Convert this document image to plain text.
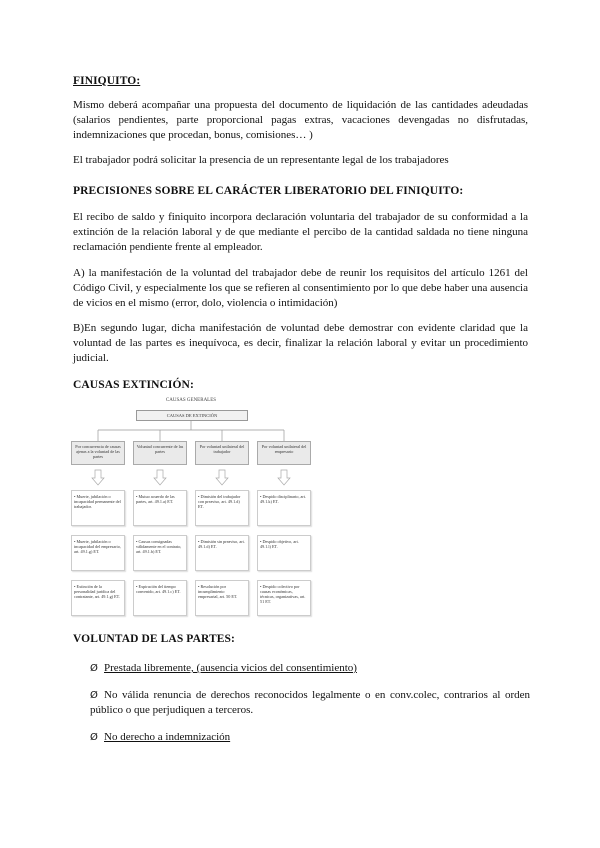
FINIQUITO:
Mismo deberá acompañar una propuesta del documento de liquidación de las cantidades adeudadas (salarios pendientes, parte proporcional pagas extras, vacaciones devengadas no disfrutadas, indemnizaciones que procedan, bonus, comisiones… )
El trabajador podrá solicitar la presencia de un representante legal de los trabajadores
PRECISIONES SOBRE EL CARÁCTER LIBERATORIO DEL FINIQUITO:
El recibo de saldo y finiquito incorpora declaración voluntaria del trabajador de su conformidad a la extinción de la relación laboral y de que mediante el percibo de la cantidad saldada no tiene ninguna reclamación pendiente frente al empleador.
A) la manifestación de la voluntad del trabajador debe de reunir los requisitos del artículo 1261 del Código Civil, y especialmente los que se refieren al consentimiento por lo que debe haber una ausencia de vicios en el mismo (error, dolo, violencia o intimidación)
B)En segundo lugar, dicha manifestación de voluntad debe demostrar con evidente claridad que la voluntad de las partes es inequívoca, es decir, finalizar la relación laboral y evitar un procedimiento judicial.
CAUSAS EXTINCIÓN:
CAUSAS GENERALES
CAUSAS DE EXTINCIÓN
Por concurrencia de causas ajenas a la voluntad de las partes
Voluntad concurrente de las partes
Por voluntad unilateral del trabajador
Por voluntad unilateral del empresario
• Muerte, jubilación o incapacidad permanente del trabajador.
• Mutuo acuerdo de las partes, art. 49.1.a) ET.
• Dimisión del trabajador con preaviso, art. 49.1.d) ET.
• Despido disciplinario, art. 49.1.k) ET.
• Muerte, jubilación o incapacidad del empresario, art. 49.1.g) ET.
• Causas consignadas válidamente en el contrato, art. 49.1.b) ET.
• Dimisión sin preaviso, art. 49.1.d) ET.
• Despido objetivo, art. 49.1.l) ET.
• Extinción de la personalidad jurídica del contratante, art. 49.1.g) ET.
• Expiración del tiempo convenido, art. 49.1.c) ET.
• Resolución por incumplimiento empresarial, art. 50 ET.
• Despido colectivo por causas económicas, técnicas, organizativas, art. 51 ET.
VOLUNTAD DE LAS PARTES:
Ø Prestada libremente, (ausencia vicios del consentimiento)
Ø No válida renuncia de derechos reconocidos legalmente o en conv.colec, contrarios al orden público o que perjudiquen a terceros.
Ø No derecho a indemnización
